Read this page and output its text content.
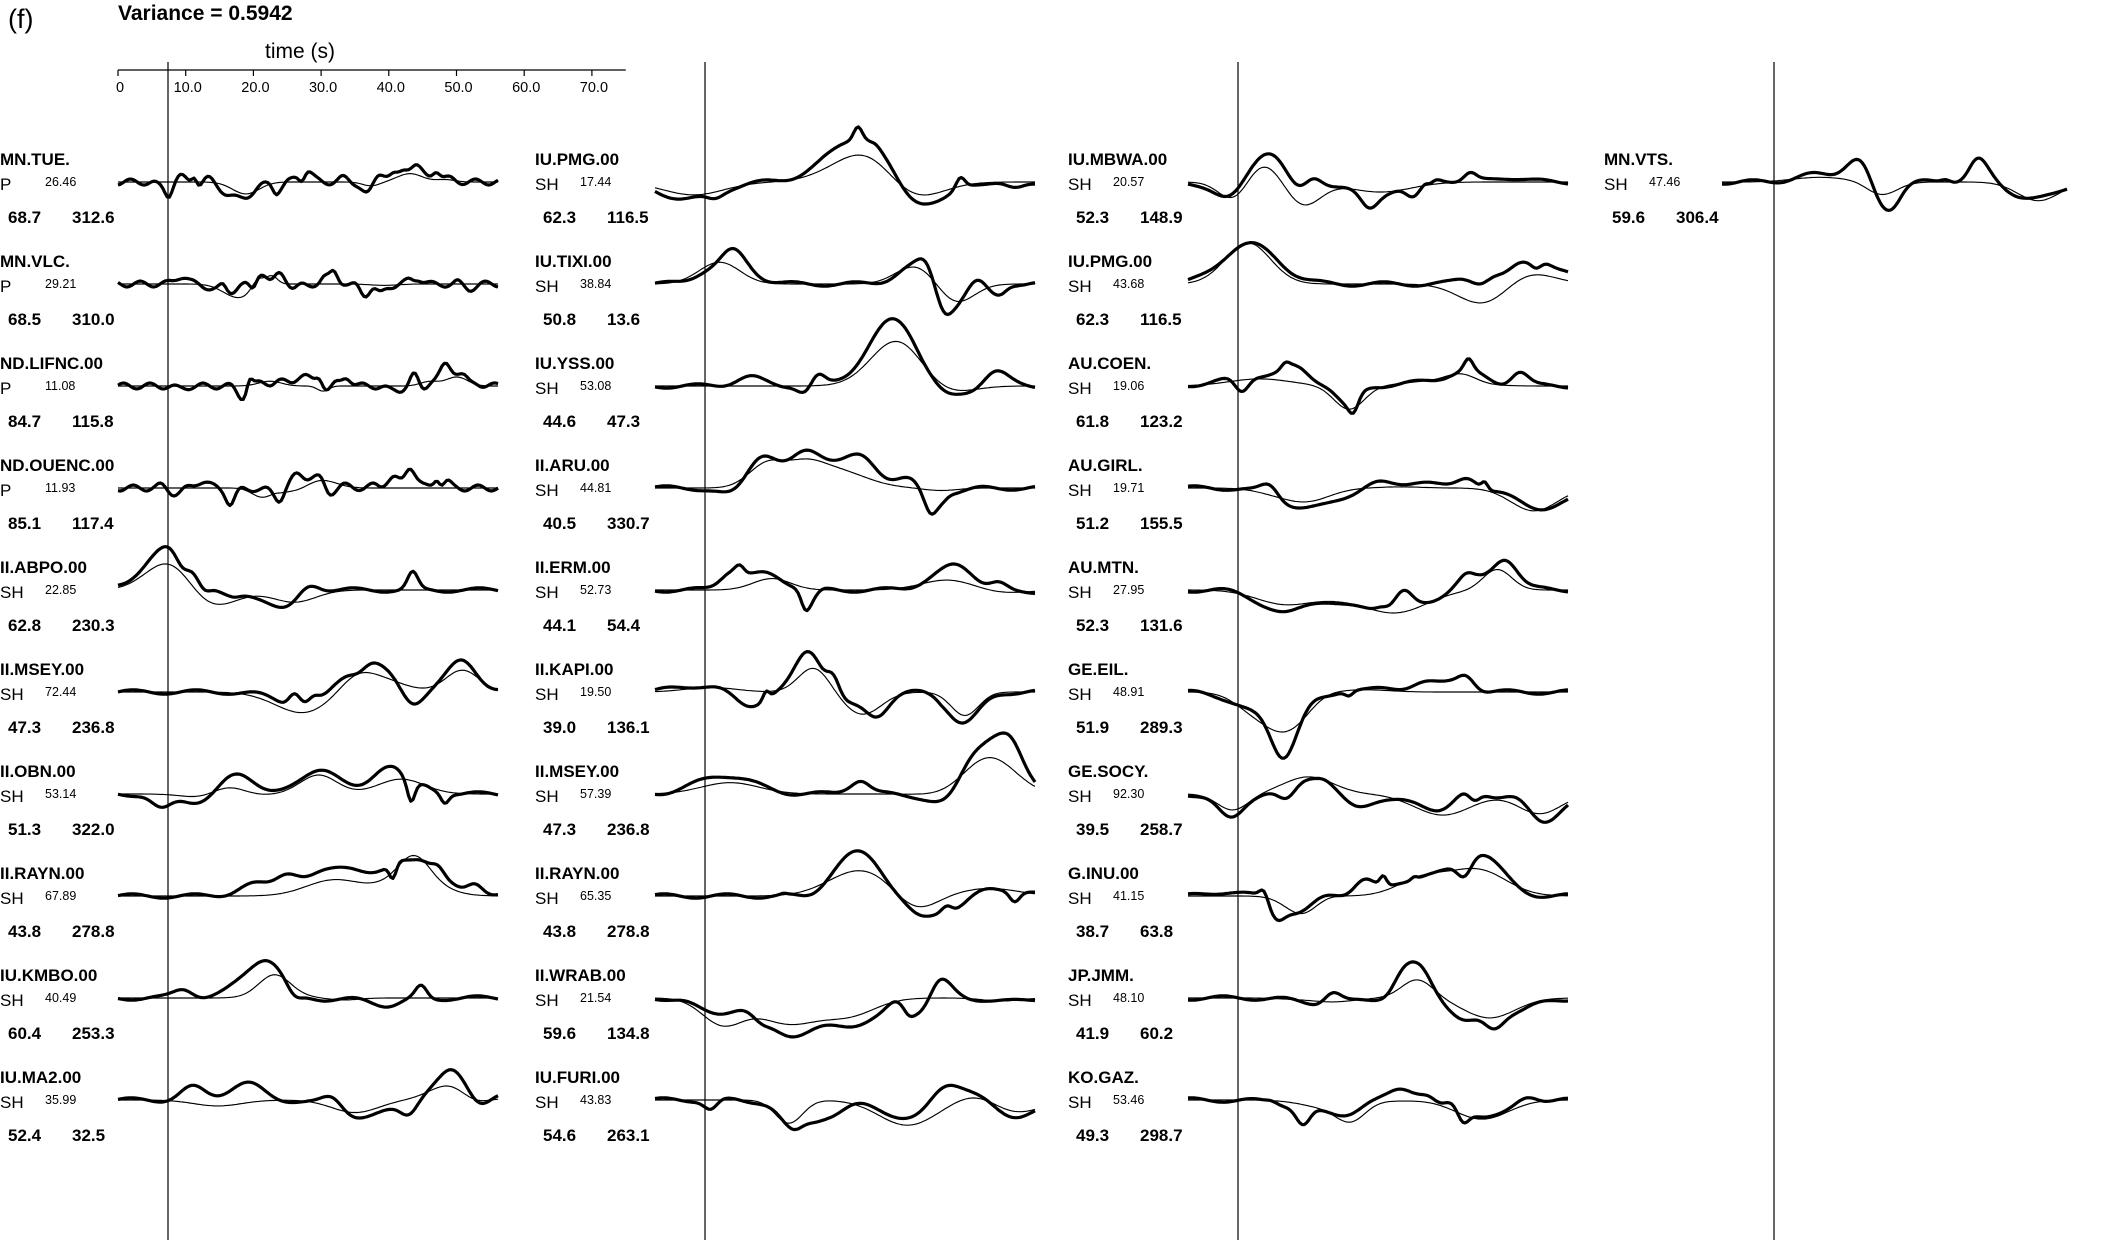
(f)	Variance = 0.5942
time (s)
0	10.0	20.0	30.0	40.0	50.0	60.0	70.0
MN.TUE.
P	26.46
68.7 312.6
MN.VLC.
P	29.21
68.5 310.0
ND.LIFNC.00
P	11.08
84.7 115.8
ND.OUENC.00
P	11.93
85.1 117.4
II.ABPO.00
SH 22.85
62.8 230.3
II.MSEY.00
SH 72.44
47.3 236.8
II.OBN.00
SH 53.14
51.3 322.0
II.RAYN.00
SH 67.89
43.8 278.8
IU.KMBO.00
SH 40.49
60.4 253.3
IU.MA2.00
SH 35.99
52.4 32.5
IU.PMG.00
SH 17.44
62.3 116.5
IU.TIXI.00
SH 38.84
50.8 13.6
IU.YSS.00
SH 53.08
44.6 47.3
II.ARU.00
SH 44.81
40.5 330.7
II.ERM.00
SH 52.73
44.1 54.4
II.KAPI.00
SH 19.50
39.0 136.1
II.MSEY.00
SH 57.39
47.3 236.8
II.RAYN.00
SH 65.35
43.8 278.8
II.WRAB.00
SH 21.54
59.6 134.8
IU.FURI.00
SH 43.83
54.6 263.1
IU.MBWA.00
SH 20.57
52.3 148.9
IU.PMG.00
SH 43.68
62.3 116.5
AU.COEN.
SH 19.06
61.8 123.2
AU.GIRL.
SH 19.71
51.2 155.5
AU.MTN.
SH 27.95
52.3 131.6
GE.EIL.
SH 48.91
51.9 289.3
GE.SOCY.
SH 92.30
39.5 258.7
G.INU.00
SH 41.15
38.7 63.8
JP.JMM.
SH 48.10
41.9 60.2
KO.GAZ.
SH 53.46
49.3 298.7
MN.VTS.
SH 47.46
59.6 306.4
